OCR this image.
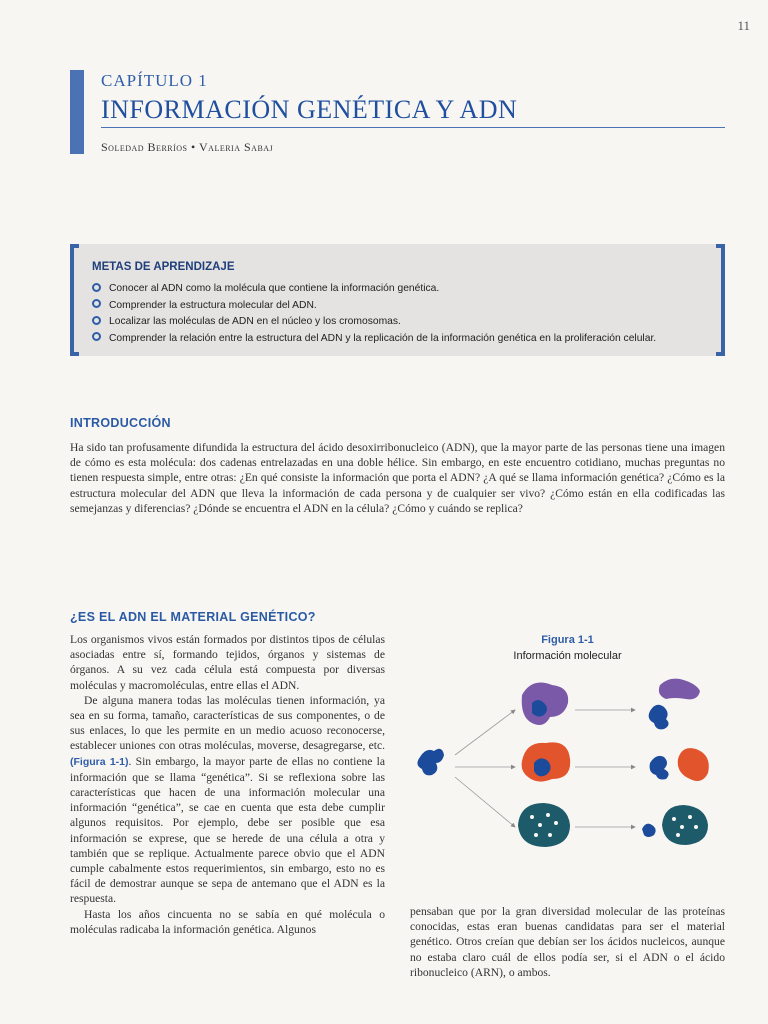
11
CAPÍTULO 1
INFORMACIÓN GENÉTICA Y ADN
Soledad Berríos • Valeria Sabaj
METAS DE APRENDIZAJE
Conocer al ADN como la molécula que contiene la información genética.
Comprender la estructura molecular del ADN.
Localizar las moléculas de ADN en el núcleo y los cromosomas.
Comprender la relación entre la estructura del ADN y la replicación de la información genética en la proliferación celular.
INTRODUCCIÓN

Ha sido tan profusamente difundida la estructura del ácido desoxirribonucleico (ADN), que la mayor parte de las personas tiene una imagen de cómo es esta molécula: dos cadenas entrelazadas en una doble hélice. Sin embargo, en este encuentro cotidiano, muchas preguntas no tienen respuesta simple, entre otras: ¿En qué consiste la información que porta el ADN? ¿A qué se llama información genética? ¿Cómo es la estructura molecular del ADN que lleva la información de cada persona y de cualquier ser vivo? ¿Cómo están en ella codificadas las semejanzas y diferencias? ¿Dónde se encuentra el ADN en la célula? ¿Cómo y cuándo se replica?

¿ES EL ADN EL MATERIAL GENÉTICO?

Los organismos vivos están formados por distintos tipos de células asociadas entre sí, formando tejidos, órganos y sistemas de órganos. A su vez cada célula está compuesta por diversas moléculas y macromoléculas, entre ellas el ADN.

De alguna manera todas las moléculas tienen información, ya sea en su forma, tamaño, características de sus componentes, o de sus enlaces, lo que les permite en un medio acuoso reconocerse, establecer uniones con otras moléculas, moverse, desagregarse, etc. (Figura 1-1). Sin embargo, la mayor parte de ellas no contiene la información que se llama “genética”. Si se reflexiona sobre las características que hacen de una información molecular una información “genética”, se cae en cuenta que esta debe cumplir algunos requisitos. Por ejemplo, debe ser posible que esa información se exprese, que se herede de una célula a otra y también que se replique. Actualmente parece obvio que el ADN cumple cabalmente estos requerimientos, sin embargo, esto no es fácil de demostrar aunque se sepa de antemano que el ADN es la respuesta.

Hasta los años cincuenta no se sabía en qué molécula o moléculas radicaba la información genética. Algunos

Figura 1-1
Información molecular

pensaban que por la gran diversidad molecular de las proteínas conocidas, estas eran buenas candidatas para ser el material genético. Otros creían que debían ser los ácidos nucleicos, aunque no estaba claro cuál de ellos podía ser, si el ADN o el ácido ribonucleico (ARN), o ambos.
